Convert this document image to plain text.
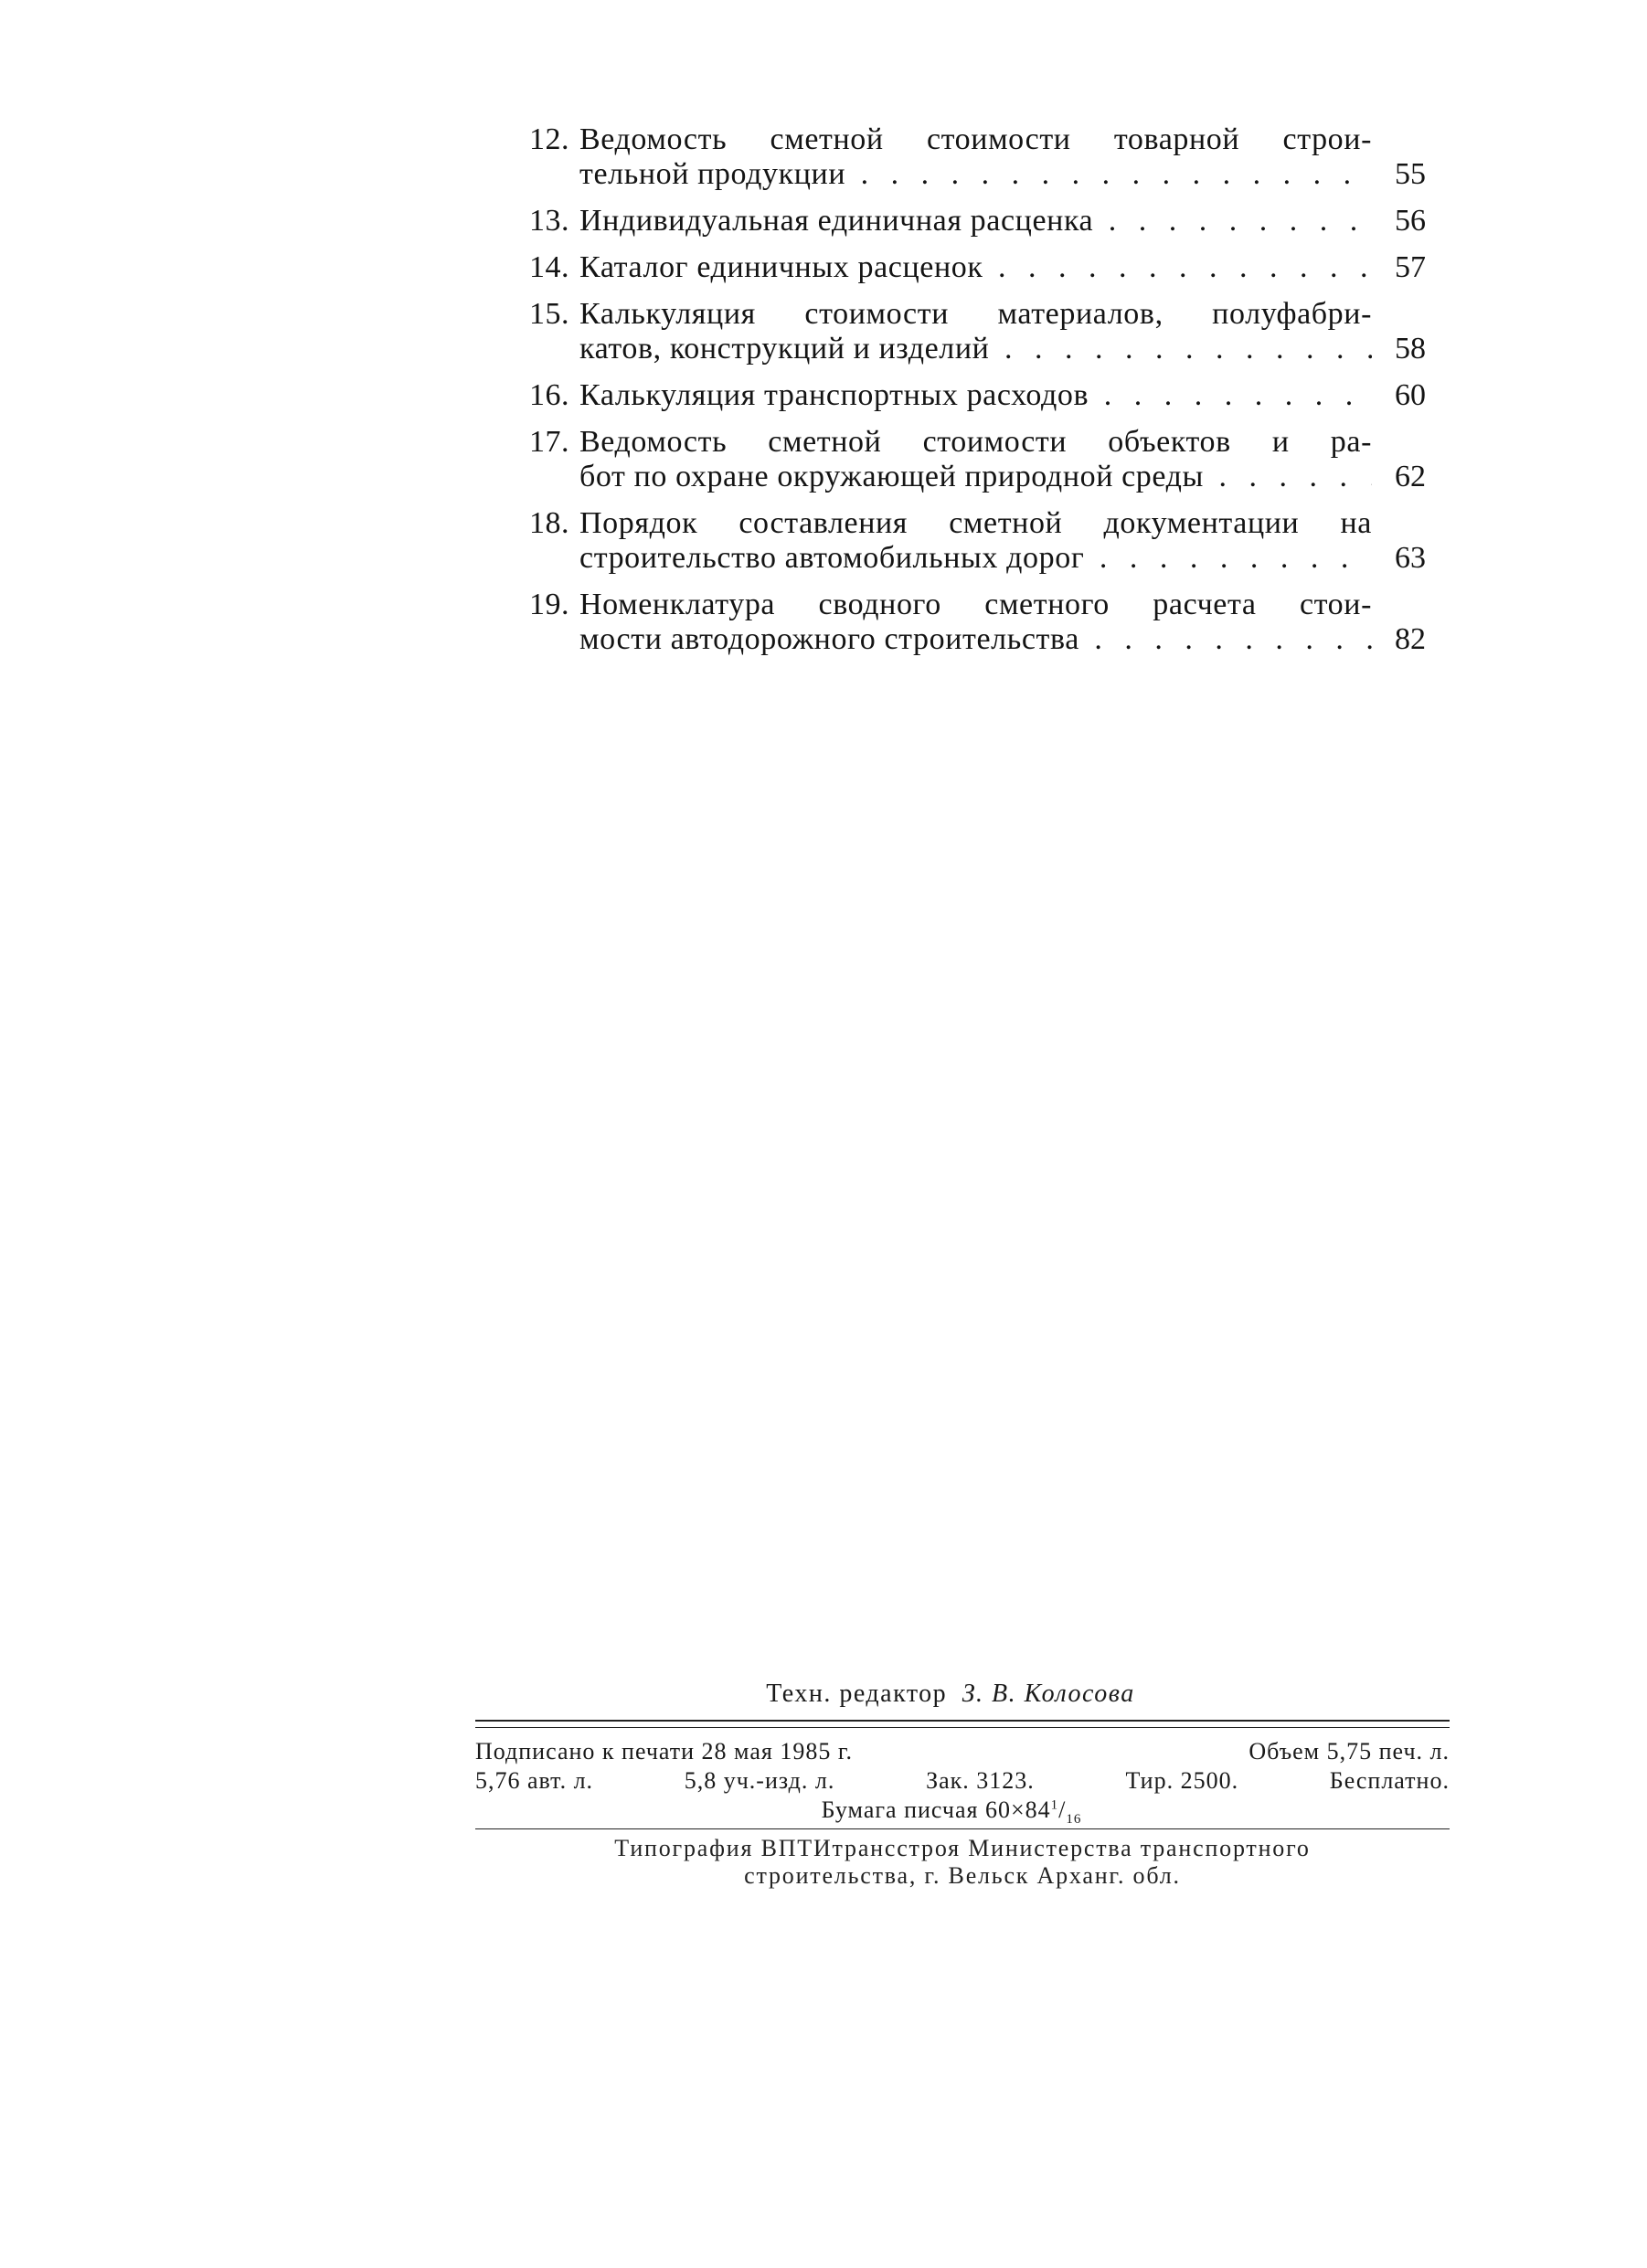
12. Ведомость сметной стоимости товарной строи-
тельной продукции . . .	55
13. Индивидуальная единичная расценка . . .	56
14. Каталог единичных расценок . . .	57
15. Калькуляция стоимости материалов, полуфабри-
катов, конструкций и изделий . . .	58
16. Калькуляция транспортных расходов . . .	60
17. Ведомость сметной стоимости объектов и ра-
бот по охране окружающей природной среды . . .	62
18. Порядок составления сметной документации на
строительство автомобильных дорог . . .	63
19. Номенклатура сводного сметного расчета стои-
мости автодорожного строительства . . .	82
Техн. редактор З. В. Колосова
Подписано к печати 28 мая 1985 г.	Объем 5,75 печ. л.
5,76 авт. л.	5,8 уч.-изд. л.	Зак. 3123.	Тир. 2500.	Бесплатно.
Бумага писчая $60\times 84^1/_{16}$
Типография ВПТИтрансстроя Министерства транспортного
строительства, г. Вельск Арханг. обл.
